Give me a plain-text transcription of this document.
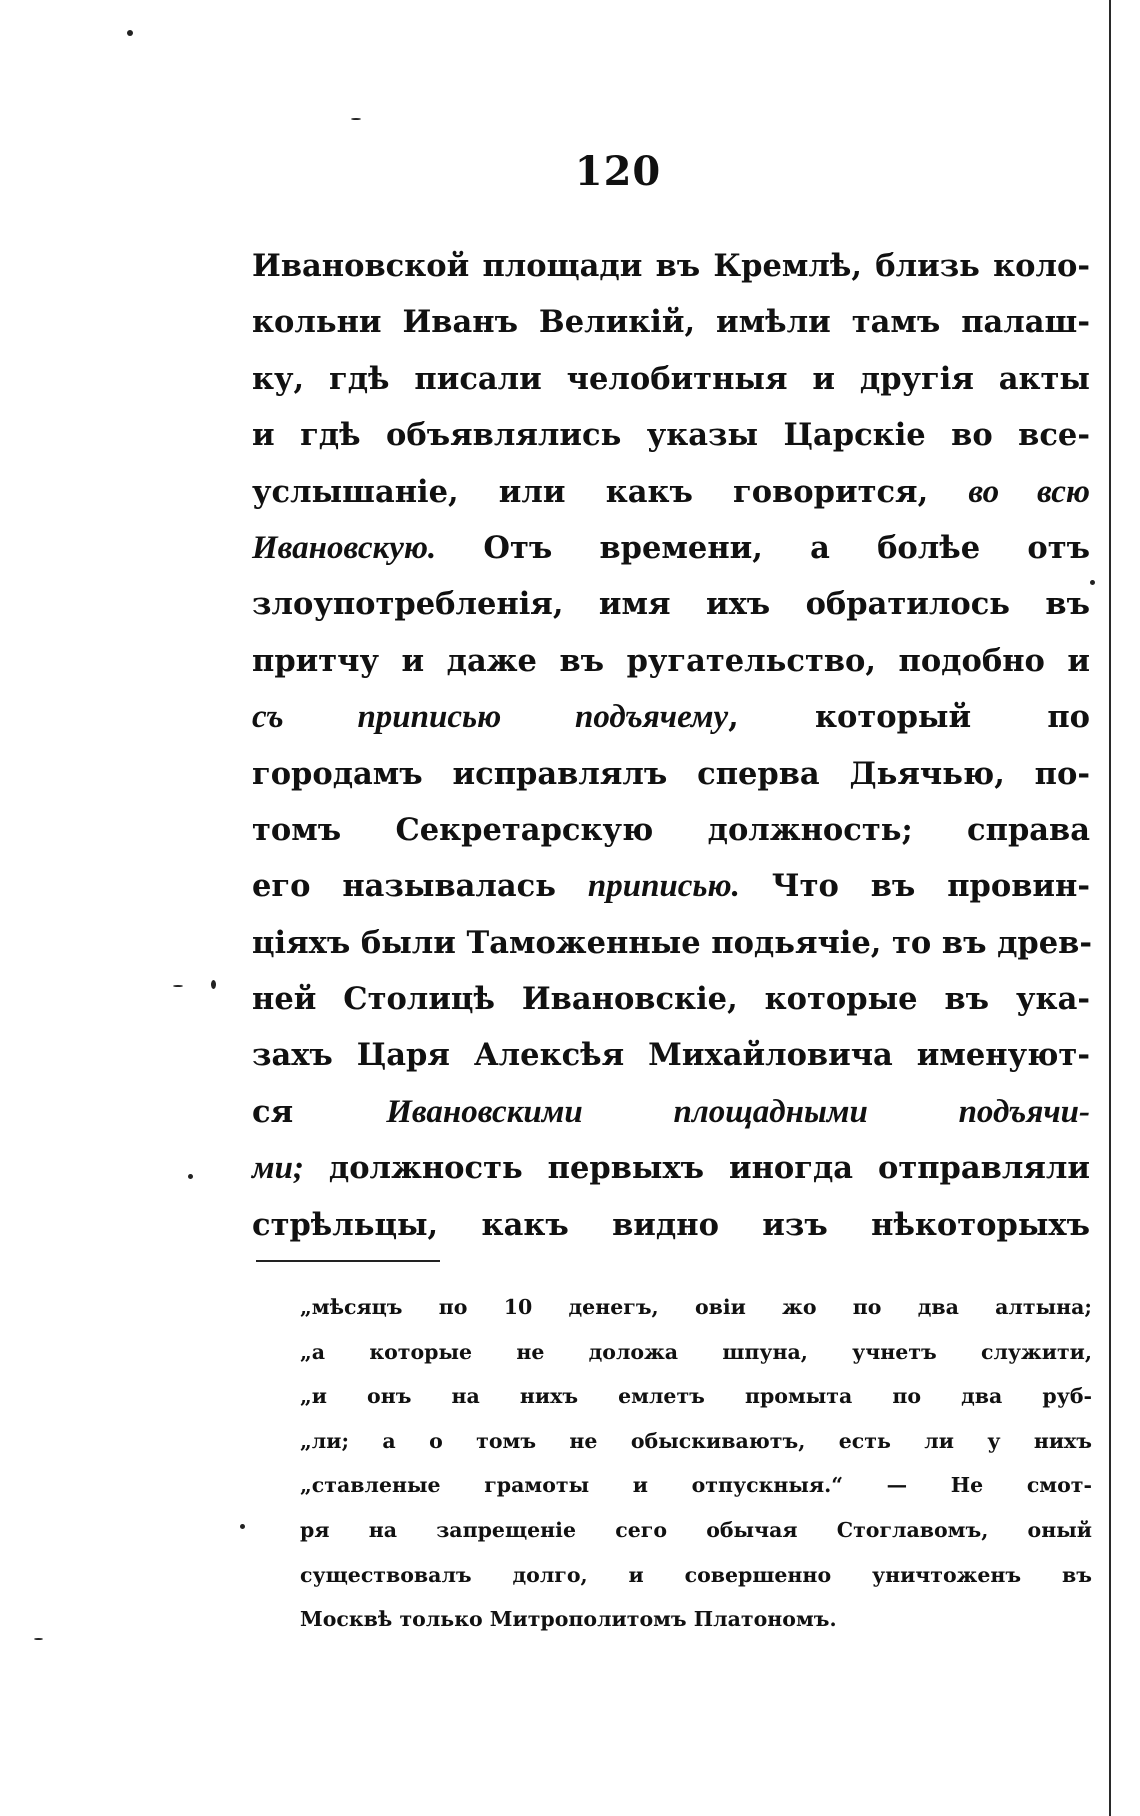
120
Ивановской площади въ Кремлѣ, близь коло-
кольни Иванъ Великій, имѣли тамъ палаш-
ку, гдѣ писали челобитныя и другія акты
и гдѣ объявлялись указы Царскіе во все-
услышаніе, или какъ говорится, во всю
Ивановскую. Отъ времени, а болѣе отъ
злоупотребленія, имя ихъ обратилось въ
притчу и даже въ ругательство, подобно и
съ приписью подъячему, который по
городамъ исправлялъ сперва Дьячью, по-
томъ Секретарскую должность; справа
его называлась приписью. Что въ провин-
ціяхъ были Таможенные подьячіе, то въ древ-
ней Столицѣ Ивановскіе, которые въ ука-
захъ Царя Алексѣя Михайловича именуют-
ся Ивановскими площадными подъячи-
ми; должность первыхъ иногда отправляли
стрѣльцы, какъ видно изъ нѣкоторыхъ
„мѣсяцъ по 10 денегъ, овіи жо по два алтына;
„а которые не долoжа шпуна, учнетъ служити,
„и онъ на нихъ емлетъ промыта по два руб-
„ли; а о томъ не обыскиваютъ, есть ли у нихъ
„ставленые грамоты и отпускныя.“ — Не смот-
ря на запрещеніе сего обычая Стоглавомъ, оный
существовалъ долго, и совершенно уничтоженъ въ
Москвѣ только Митрополитомъ Платономъ.
